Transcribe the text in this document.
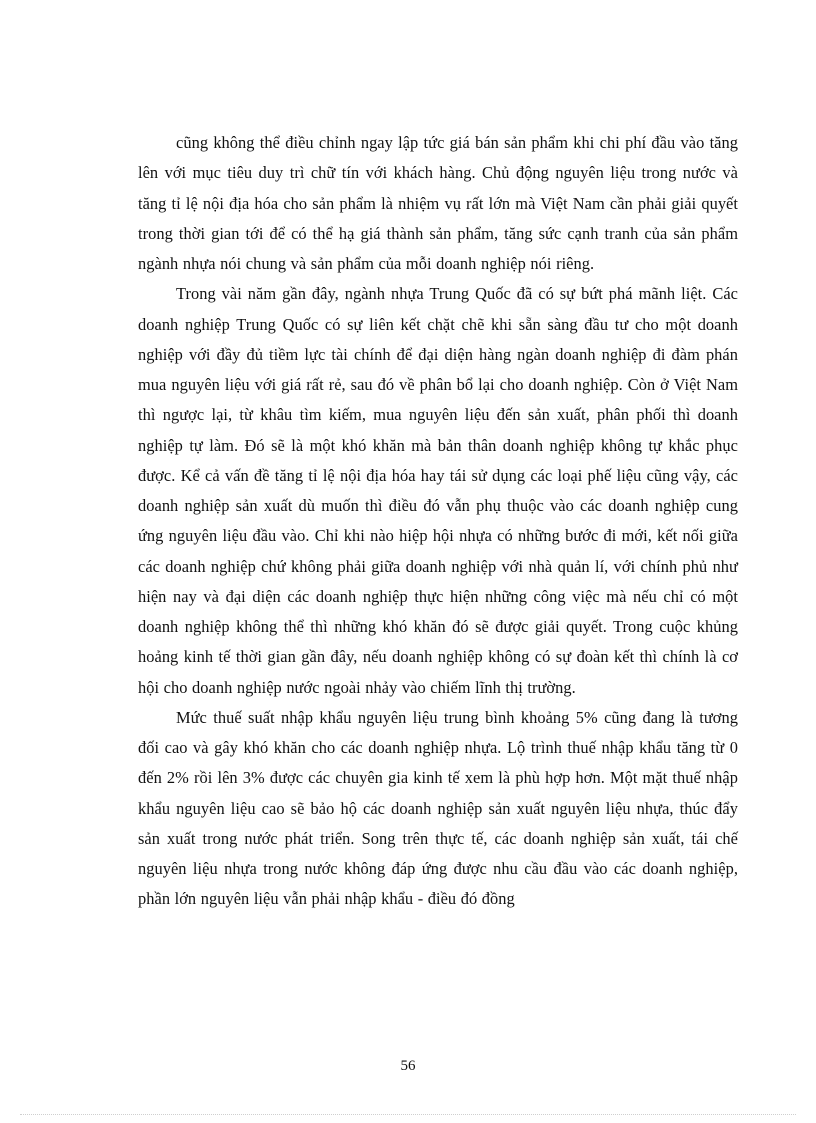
cũng không thể điều chỉnh ngay lập tức giá bán sản phẩm khi chi phí đầu vào tăng lên với mục tiêu duy trì chữ tín với khách hàng. Chủ động nguyên liệu trong nước và tăng tỉ lệ nội địa hóa cho sản phẩm là nhiệm vụ rất lớn mà Việt Nam cần phải giải quyết trong thời gian tới để có thể hạ giá thành sản phẩm, tăng sức cạnh tranh của sản phẩm ngành nhựa nói chung và sản phẩm của mỗi doanh nghiệp nói riêng.

Trong vài năm gần đây, ngành nhựa Trung Quốc đã có sự bứt phá mãnh liệt. Các doanh nghiệp Trung Quốc có sự liên kết chặt chẽ khi sẵn sàng đầu tư cho một doanh nghiệp với đầy đủ tiềm lực tài chính để đại diện hàng ngàn doanh nghiệp đi đàm phán mua nguyên liệu với giá rất rẻ, sau đó về phân bổ lại cho doanh nghiệp. Còn ở Việt Nam thì ngược lại, từ khâu tìm kiếm, mua nguyên liệu đến sản xuất, phân phối thì doanh nghiệp tự làm. Đó sẽ là một khó khăn mà bản thân doanh nghiệp không tự khắc phục được. Kể cả vấn đề tăng tỉ lệ nội địa hóa hay tái sử dụng các loại phế liệu cũng vậy, các doanh nghiệp sản xuất dù muốn thì điều đó vẫn phụ thuộc vào các doanh nghiệp cung ứng nguyên liệu đầu vào. Chỉ khi nào hiệp hội nhựa có những bước đi mới, kết nối giữa các doanh nghiệp chứ không phải giữa doanh nghiệp với nhà quản lí, với chính phủ như hiện nay và đại diện các doanh nghiệp thực hiện những công việc mà nếu chỉ có một doanh nghiệp không thể thì những khó khăn đó sẽ được giải quyết. Trong cuộc khủng hoảng kinh tế thời gian gần đây, nếu doanh nghiệp không có sự đoàn kết thì chính là cơ hội cho doanh nghiệp nước ngoài nhảy vào chiếm lĩnh thị trường.

Mức thuế suất nhập khẩu nguyên liệu trung bình khoảng 5% cũng đang là tương đối cao và gây khó khăn cho các doanh nghiệp nhựa. Lộ trình thuế nhập khẩu tăng từ 0 đến 2% rồi lên 3% được các chuyên gia kinh tế xem là phù hợp hơn. Một mặt thuế nhập khẩu nguyên liệu cao sẽ bảo hộ các doanh nghiệp sản xuất nguyên liệu nhựa, thúc đẩy sản xuất trong nước phát triển. Song trên thực tế, các doanh nghiệp sản xuất, tái chế nguyên liệu nhựa trong nước không đáp ứng được nhu cầu đầu vào các doanh nghiệp, phần lớn nguyên liệu vẫn phải nhập khẩu - điều đó đồng

56
